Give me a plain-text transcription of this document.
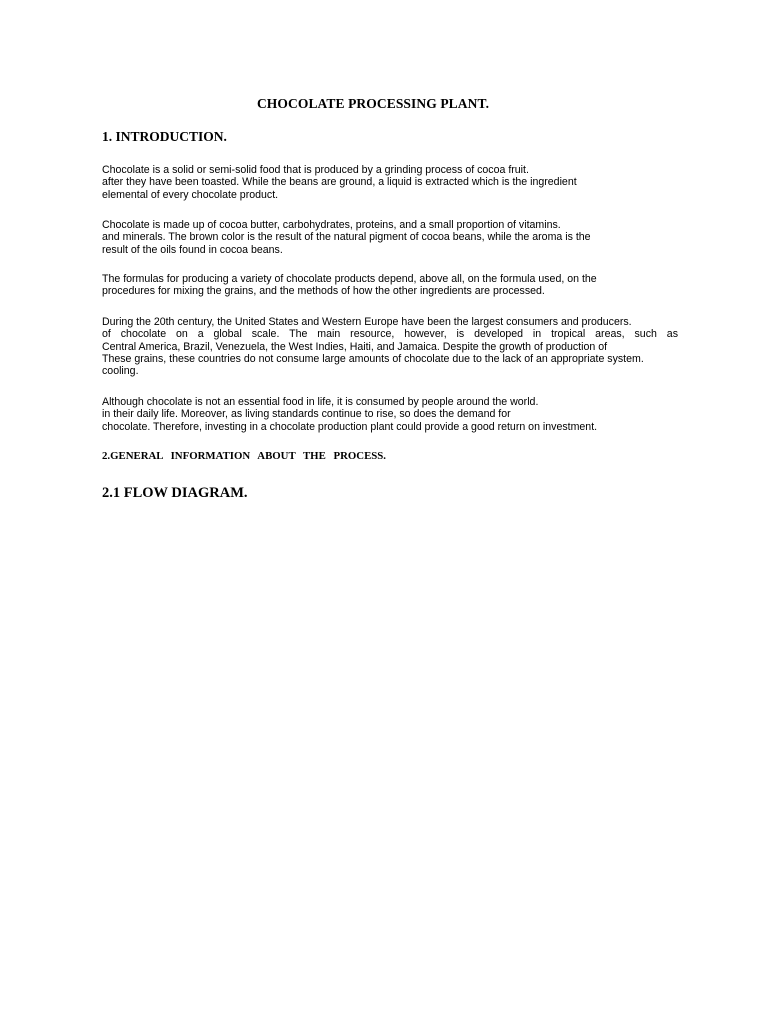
CHOCOLATE PROCESSING PLANT.
1. INTRODUCTION.

Chocolate is a solid or semi-solid food that is produced by a grinding process of cocoa fruit.
after they have been toasted. While the beans are ground, a liquid is extracted which is the ingredient
elemental of every chocolate product.

Chocolate is made up of cocoa butter, carbohydrates, proteins, and a small proportion of vitamins.
and minerals. The brown color is the result of the natural pigment of cocoa beans, while the aroma is the
result of the oils found in cocoa beans.

The formulas for producing a variety of chocolate products depend, above all, on the formula used, on the
procedures for mixing the grains, and the methods of how the other ingredients are processed.

During the 20th century, the United States and Western Europe have been the largest consumers and producers.
of chocolate on a global scale. The main resource, however, is developed in tropical areas, such as
Central America, Brazil, Venezuela, the West Indies, Haiti, and Jamaica. Despite the growth of production of
These grains, these countries do not consume large amounts of chocolate due to the lack of an appropriate system.
cooling.

Although chocolate is not an essential food in life, it is consumed by people around the world.
in their daily life. Moreover, as living standards continue to rise, so does the demand for
chocolate. Therefore, investing in a chocolate production plant could provide a good return on investment.

2.GENERAL INFORMATION ABOUT THE PROCESS.
2.1 FLOW DIAGRAM.
